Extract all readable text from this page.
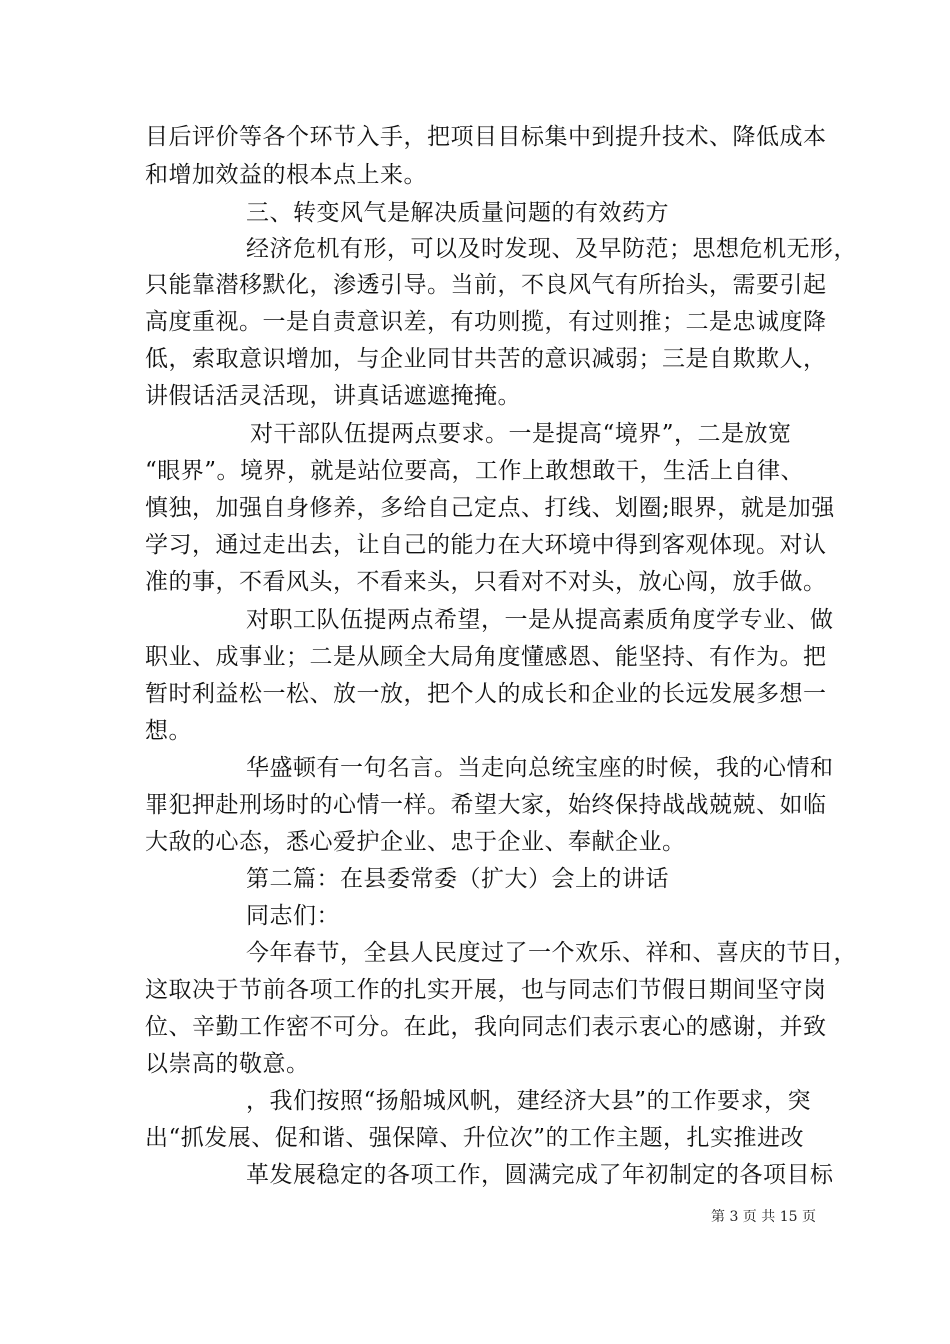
目后评价等各个环节入手，把项目目标集中到提升技术、降低成本
和增加效益的根本点上来。
三、转变风气是解决质量问题的有效药方
经济危机有形，可以及时发现、及早防范；思想危机无形，
只能靠潜移默化，渗透引导。当前，不良风气有所抬头，需要引起
高度重视。一是自责意识差，有功则揽，有过则推；二是忠诚度降
低，索取意识增加，与企业同甘共苦的意识减弱；三是自欺欺人，
讲假话活灵活现，讲真话遮遮掩掩。
对干部队伍提两点要求。一是提高“境界”，二是放宽
“眼界”。境界，就是站位要高，工作上敢想敢干，生活上自律、
慎独，加强自身修养，多给自己定点、打线、划圈;眼界，就是加强
学习，通过走出去，让自己的能力在大环境中得到客观体现。对认
准的事，不看风头，不看来头，只看对不对头，放心闯，放手做。
对职工队伍提两点希望，一是从提高素质角度学专业、做
职业、成事业；二是从顾全大局角度懂感恩、能坚持、有作为。把
暂时利益松一松、放一放，把个人的成长和企业的长远发展多想一
想。
华盛顿有一句名言。当走向总统宝座的时候，我的心情和
罪犯押赴刑场时的心情一样。希望大家，始终保持战战兢兢、如临
大敌的心态，悉心爱护企业、忠于企业、奉献企业。
第二篇：在县委常委（扩大）会上的讲话
同志们：
今年春节，全县人民度过了一个欢乐、祥和、喜庆的节日，
这取决于节前各项工作的扎实开展，也与同志们节假日期间坚守岗
位、辛勤工作密不可分。在此，我向同志们表示衷心的感谢，并致
以崇高的敬意。
，我们按照“扬船城风帆，建经济大县”的工作要求，突
出“抓发展、促和谐、强保障、升位次”的工作主题，扎实推进改
革发展稳定的各项工作，圆满完成了年初制定的各项目标
第 3 页 共 15 页
